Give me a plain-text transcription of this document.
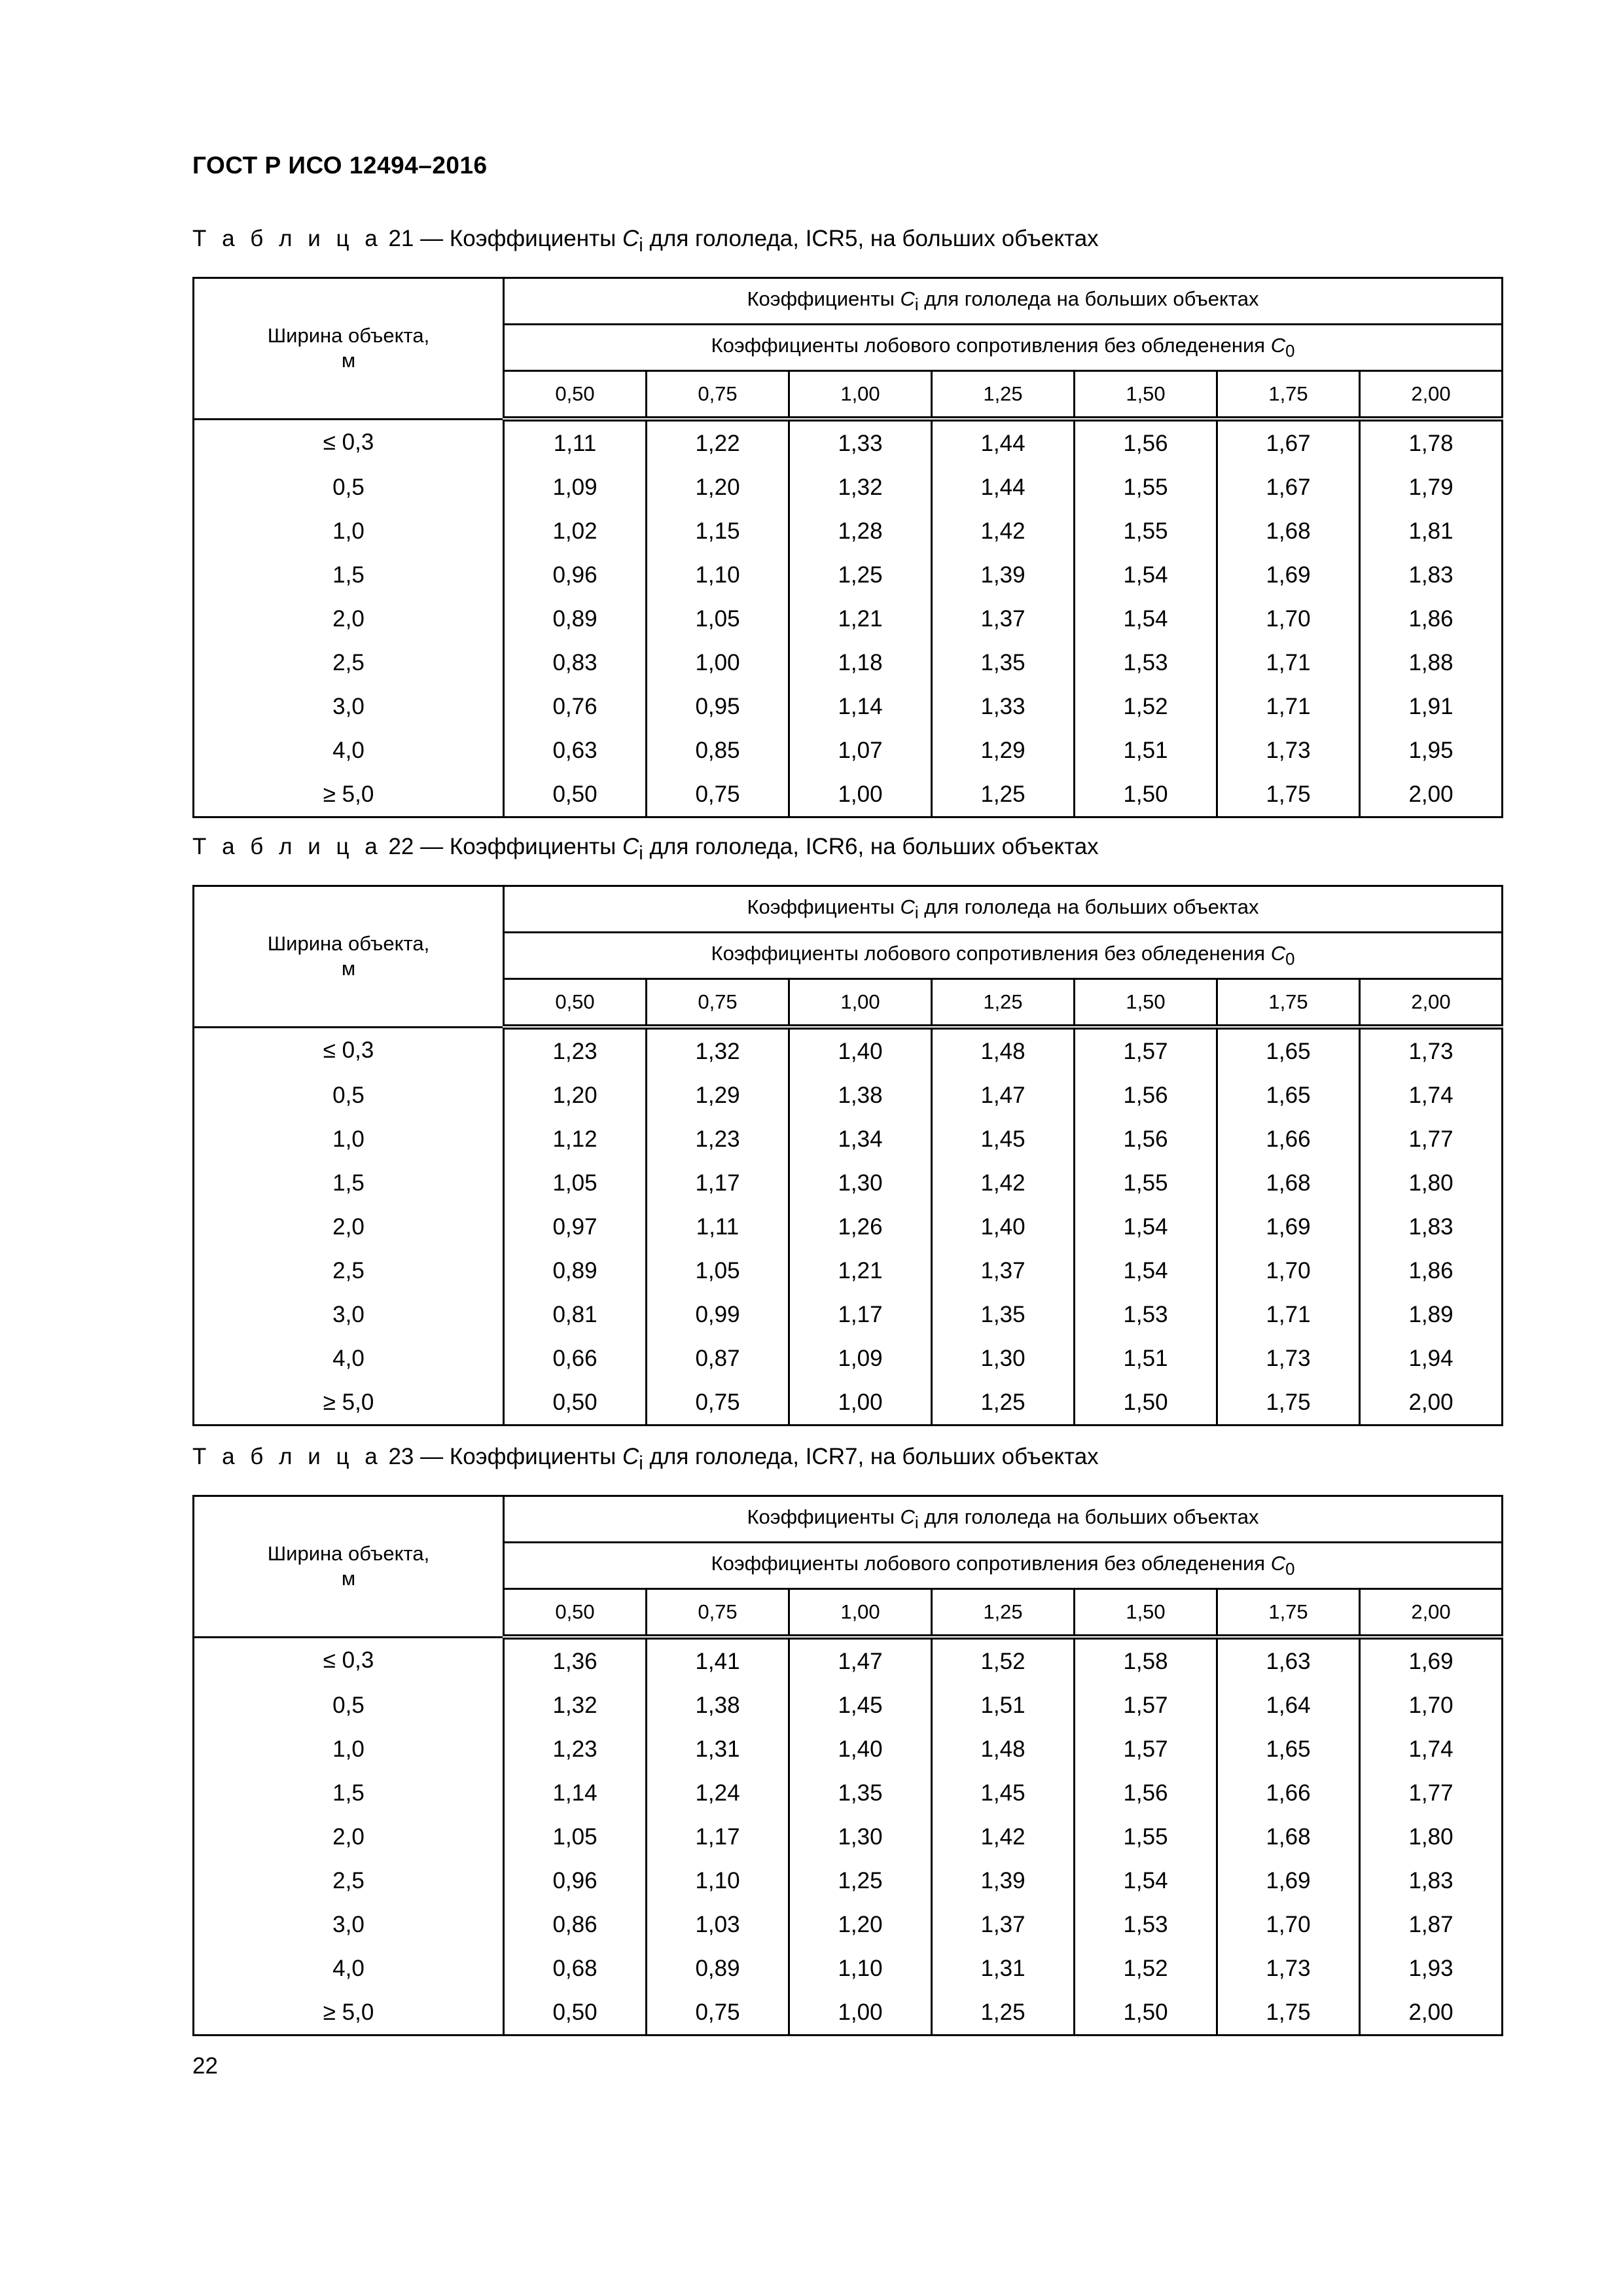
ГОСТ Р ИСО 12494–2016
Т а б л и ц а 21 — Коэффициенты $C_i$ для гололеда, ICR5, на больших объектах
Ширина объекта,
м	Коэффициенты $C_i$ для гололеда на больших объектах						
	Коэффициенты лобового сопротивления без обледенения $C_0$
	0,50	0,75	1,00	1,25	1,50	1,75	2,00
≤ 0,3	1,11	1,22	1,33	1,44	1,56	1,67	1,78
0,5	1,09	1,20	1,32	1,44	1,55	1,67	1,79
1,0	1,02	1,15	1,28	1,42	1,55	1,68	1,81
1,5	0,96	1,10	1,25	1,39	1,54	1,69	1,83
2,0	0,89	1,05	1,21	1,37	1,54	1,70	1,86
2,5	0,83	1,00	1,18	1,35	1,53	1,71	1,88
3,0	0,76	0,95	1,14	1,33	1,52	1,71	1,91
4,0	0,63	0,85	1,07	1,29	1,51	1,73	1,95
≥ 5,0	0,50	0,75	1,00	1,25	1,50	1,75	2,00
Т а б л и ц а 22 — Коэффициенты $C_i$ для гололеда, ICR6, на больших объектах
Ширина объекта,
м	Коэффициенты $C_i$ для гололеда на больших объектах						
	Коэффициенты лобового сопротивления без обледенения $C_0$
	0,50	0,75	1,00	1,25	1,50	1,75	2,00
≤ 0,3	1,23	1,32	1,40	1,48	1,57	1,65	1,73
0,5	1,20	1,29	1,38	1,47	1,56	1,65	1,74
1,0	1,12	1,23	1,34	1,45	1,56	1,66	1,77
1,5	1,05	1,17	1,30	1,42	1,55	1,68	1,80
2,0	0,97	1,11	1,26	1,40	1,54	1,69	1,83
2,5	0,89	1,05	1,21	1,37	1,54	1,70	1,86
3,0	0,81	0,99	1,17	1,35	1,53	1,71	1,89
4,0	0,66	0,87	1,09	1,30	1,51	1,73	1,94
≥ 5,0	0,50	0,75	1,00	1,25	1,50	1,75	2,00
Т а б л и ц а 23 — Коэффициенты $C_i$ для гололеда, ICR7, на больших объектах
Ширина объекта,
м	Коэффициенты $C_i$ для гололеда на больших объектах						
	Коэффициенты лобового сопротивления без обледенения $C_0$
	0,50	0,75	1,00	1,25	1,50	1,75	2,00
≤ 0,3	1,36	1,41	1,47	1,52	1,58	1,63	1,69
0,5	1,32	1,38	1,45	1,51	1,57	1,64	1,70
1,0	1,23	1,31	1,40	1,48	1,57	1,65	1,74
1,5	1,14	1,24	1,35	1,45	1,56	1,66	1,77
2,0	1,05	1,17	1,30	1,42	1,55	1,68	1,80
2,5	0,96	1,10	1,25	1,39	1,54	1,69	1,83
3,0	0,86	1,03	1,20	1,37	1,53	1,70	1,87
4,0	0,68	0,89	1,10	1,31	1,52	1,73	1,93
≥ 5,0	0,50	0,75	1,00	1,25	1,50	1,75	2,00
22
